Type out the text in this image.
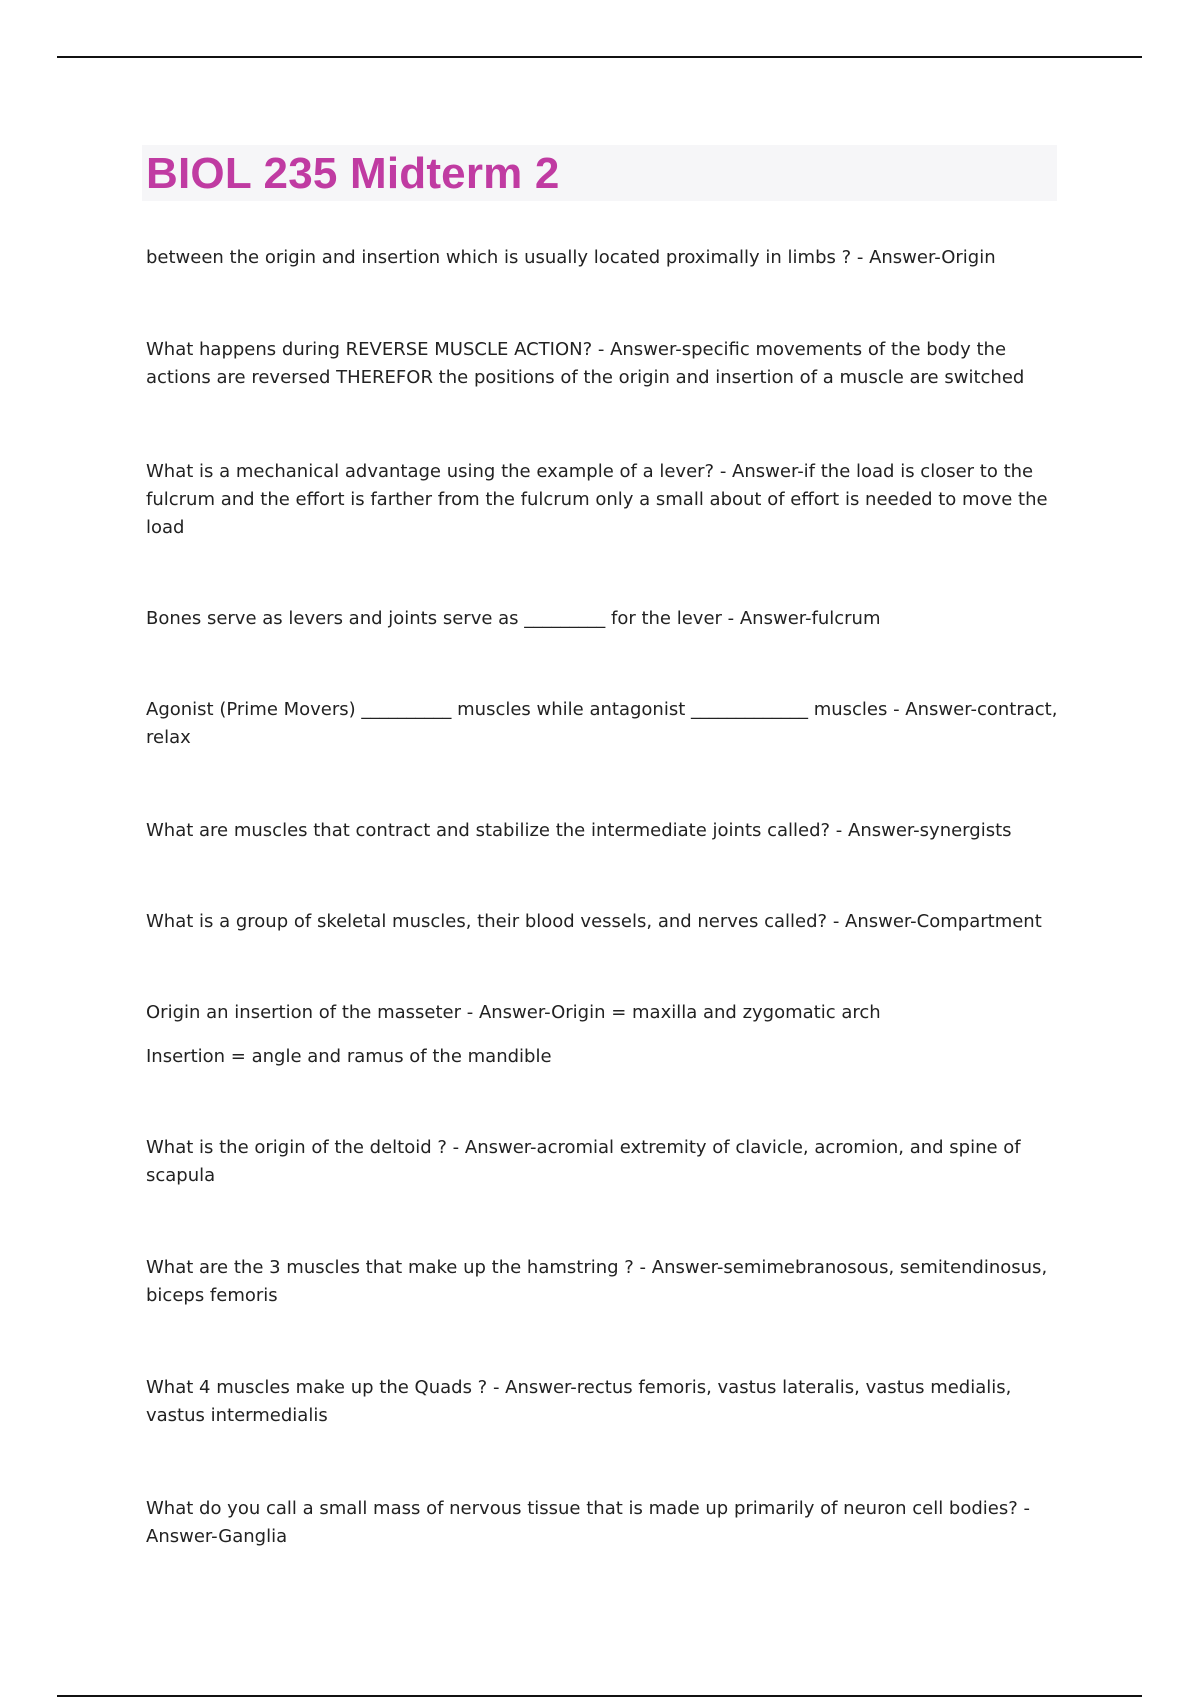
BIOL 235 Midterm 2

between the origin and insertion which is usually located proximally in limbs ? - Answer-Origin

What happens during REVERSE MUSCLE ACTION? - Answer-specific movements of the body the actions are reversed THEREFOR the positions of the origin and insertion of a muscle are switched

What is a mechanical advantage using the example of a lever? - Answer-if the load is closer to the fulcrum and the effort is farther from the fulcrum only a small about of effort is needed to move the load

Bones serve as levers and joints serve as _________ for the lever - Answer-fulcrum

Agonist (Prime Movers) __________ muscles while antagonist _____________ muscles - Answer-contract, relax

What are muscles that contract and stabilize the intermediate joints called? - Answer-synergists

What is a group of skeletal muscles, their blood vessels, and nerves called? - Answer-Compartment

Origin an insertion of the masseter - Answer-Origin = maxilla and zygomatic arch

Insertion = angle and ramus of the mandible

What is the origin of the deltoid ? - Answer-acromial extremity of clavicle, acromion, and spine of scapula

What are the 3 muscles that make up the hamstring ? - Answer-semimebranosous, semitendinosus, biceps femoris

What 4 muscles make up the Quads ? - Answer-rectus femoris, vastus lateralis, vastus medialis, vastus intermedialis

What do you call a small mass of nervous tissue that is made up primarily of neuron cell bodies? - Answer-Ganglia
